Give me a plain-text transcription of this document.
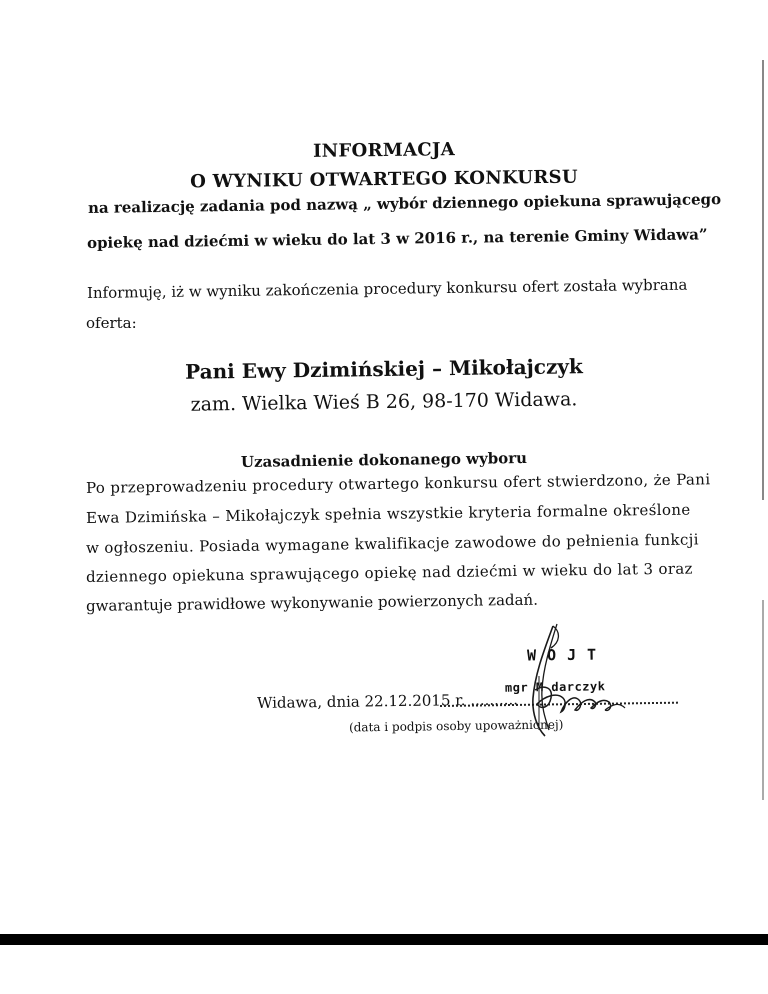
INFORMACJA
O WYNIKU OTWARTEGO KONKURSU
na realizację zadania pod nazwą „ wybór dziennego opiekuna sprawującego
opiekę nad dziećmi w wieku do lat 3 w 2016 r., na terenie Gminy Widawa”
Informuję, iż w wyniku zakończenia procedury konkursu ofert została wybrana
oferta:
Pani Ewy Dzimińskiej – Mikołajczyk
zam. Wielka Wieś B 26, 98-170 Widawa.
Uzasadnienie dokonanego wyboru
Po przeprowadzeniu procedury otwartego konkursu ofert stwierdzono, że Pani
Ewa Dzimińska – Mikołajczyk spełnia wszystkie kryteria formalne określone
w ogłoszeniu. Posiada wymagane kwalifikacje zawodowe do pełnienia funkcji
dziennego opiekuna sprawującego opiekę nad dziećmi w wieku do lat 3 oraz
gwarantuje prawidłowe wykonywanie powierzonych zadań.
WÓJT
mgr M darczyk
Widawa, dnia 22.12.2015 r. ..........
(data i podpis osoby upoważnionej)
